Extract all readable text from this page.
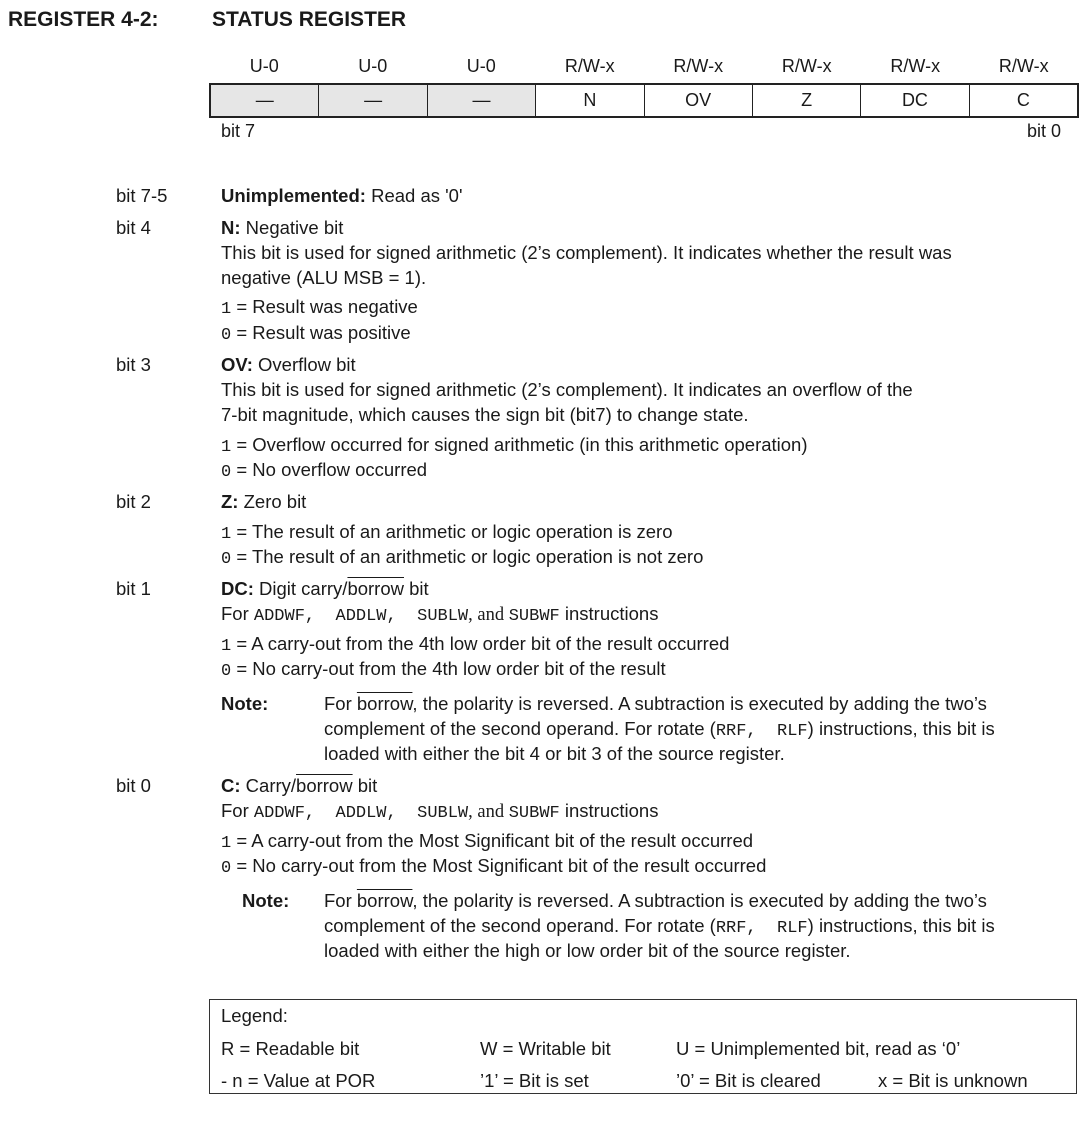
REGISTER 4-2:	STATUS REGISTER
U-0	U-0	U-0	R/W-x	R/W-x	R/W-x	R/W-x	R/W-x
—	—	—	N	OV	Z	DC	C
bit 7	bit 0
bit 7-5	Unimplemented: Read as '0'
bit 4	N: Negative bit
This bit is used for signed arithmetic (2’s complement). It indicates whether the result was
negative (ALU MSB = 1).
1 = Result was negative
0 = Result was positive
bit 3	OV: Overflow bit
This bit is used for signed arithmetic (2’s complement). It indicates an overflow of the
7-bit magnitude, which causes the sign bit (bit7) to change state.
1 = Overflow occurred for signed arithmetic (in this arithmetic operation)
0 = No overflow occurred
bit 2	Z: Zero bit
1 = The result of an arithmetic or logic operation is zero
0 = The result of an arithmetic or logic operation is not zero
bit 1	DC: Digit carry/borrow bit
For ADDWF,  ADDLW,  SUBLW, and SUBWF instructions
1 = A carry-out from the 4th low order bit of the result occurred
0 = No carry-out from the 4th low order bit of the result
Note:	For borrow, the polarity is reversed. A subtraction is executed by adding the two’s
complement of the second operand. For rotate (RRF,  RLF) instructions, this bit is
loaded with either the bit 4 or bit 3 of the source register.
bit 0	C: Carry/borrow bit
For ADDWF,  ADDLW,  SUBLW, and SUBWF instructions
1 = A carry-out from the Most Significant bit of the result occurred
0 = No carry-out from the Most Significant bit of the result occurred
Note: For borrow, the polarity is reversed. A subtraction is executed by adding the two’s
complement of the second operand. For rotate (RRF,  RLF) instructions, this bit is
loaded with either the high or low order bit of the source register.
Legend:
R = Readable bit	W = Writable bit	U = Unimplemented bit, read as ‘0’
- n = Value at POR	’1’ = Bit is set	’0’ = Bit is cleared	x = Bit is unknown
